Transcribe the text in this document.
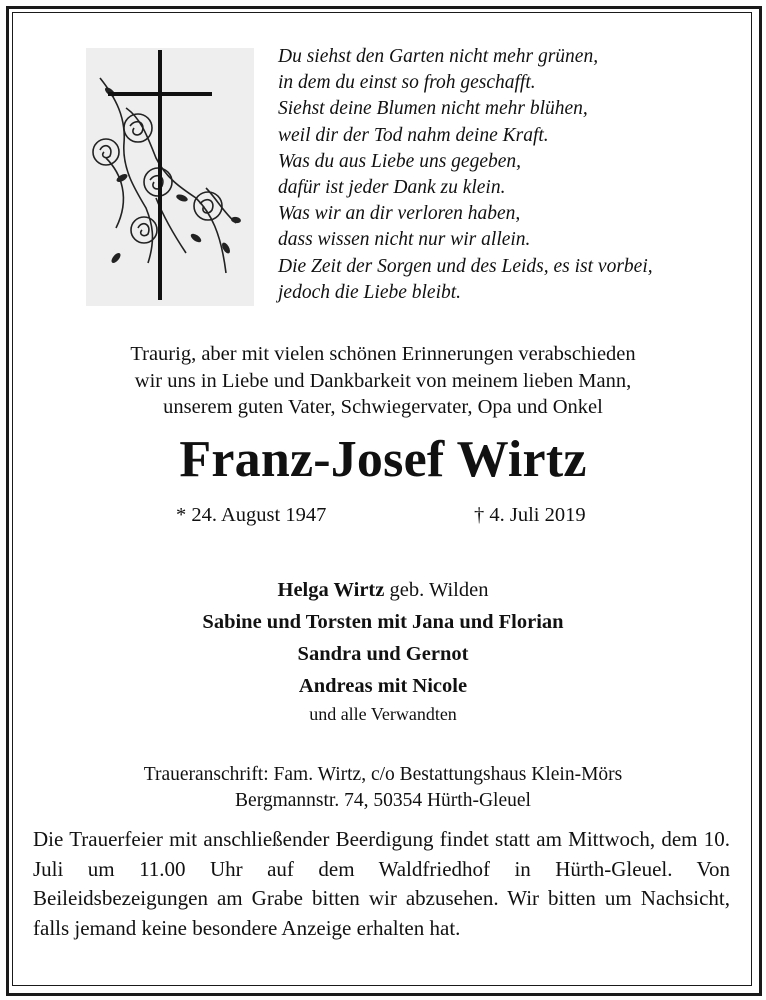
Du siehst den Garten nicht mehr grünen,
in dem du einst so froh geschafft.
Siehst deine Blumen nicht mehr blühen,
weil dir der Tod nahm deine Kraft.
Was du aus Liebe uns gegeben,
dafür ist jeder Dank zu klein.
Was wir an dir verloren haben,
dass wissen nicht nur wir allein.
Die Zeit der Sorgen und des Leids, es ist vorbei,
jedoch die Liebe bleibt.
Traurig, aber mit vielen schönen Erinnerungen verabschieden
wir uns in Liebe und Dankbarkeit von meinem lieben Mann,
unserem guten Vater, Schwiegervater, Opa und Onkel
Franz-Josef Wirtz
* 24. August 1947	† 4. Juli 2019
Helga Wirtz geb. Wilden
Sabine und Torsten mit Jana und Florian
Sandra und Gernot
Andreas mit Nicole
und alle Verwandten
Traueranschrift: Fam. Wirtz, c/o Bestattungshaus Klein-Mörs
Bergmannstr. 74, 50354 Hürth-Gleuel
Die Trauerfeier mit anschließender Beerdigung findet statt am Mittwoch, dem 10. Juli um 11.00 Uhr auf dem Waldfriedhof in Hürth-Gleuel. Von Beileidsbezeigungen am Grabe bitten wir abzusehen. Wir bitten um Nachsicht, falls jemand keine besondere Anzeige erhalten hat.
